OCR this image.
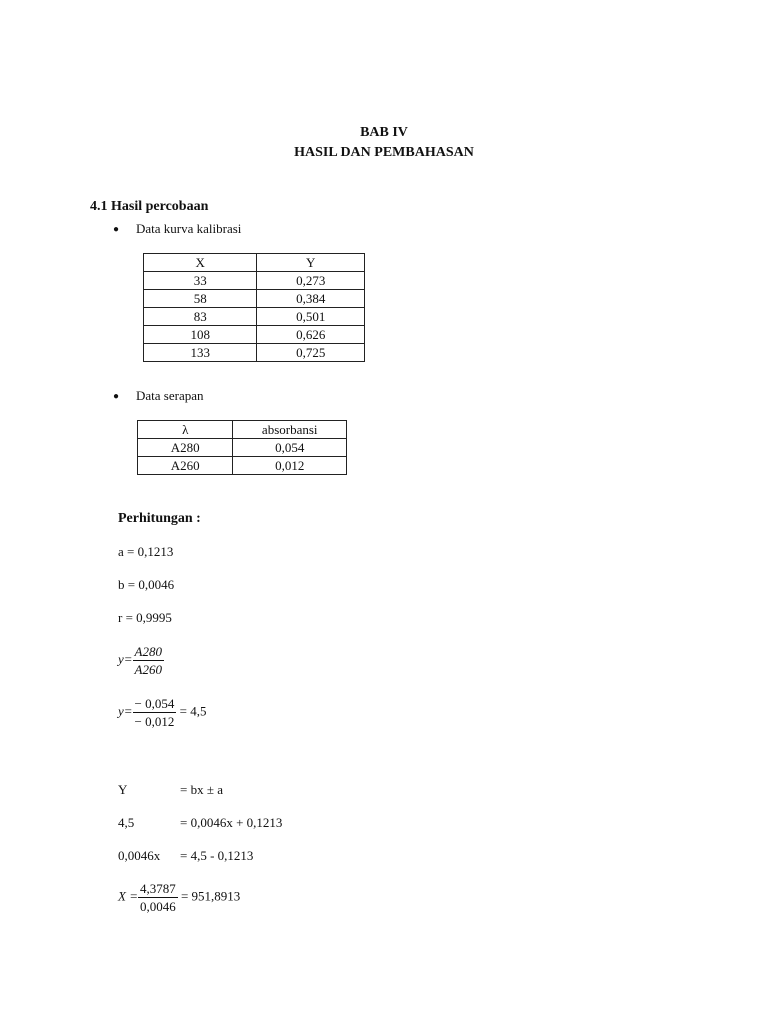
BAB IV
HASIL DAN PEMBAHASAN
4.1 Hasil percobaan
● Data kurva kalibrasi
X	Y
33	0,273
58	0,384
83	0,501
108	0,626
133	0,725
● Data serapan
λ	absorbansi
A280	0,054
A260	0,012
Perhitungan :
a = 0,1213
b = 0,0046
r = 0,9995
$y= \frac{A280}{A260}$
$y= \frac{- 0,054}{- 0,012} = 4,5$
Y	= bx ± a
4,5	= 0,0046x + 0,1213
0,0046x = 4,5 - 0,1213
$X = \frac{4,3787}{0,0046} = 951,8913$
